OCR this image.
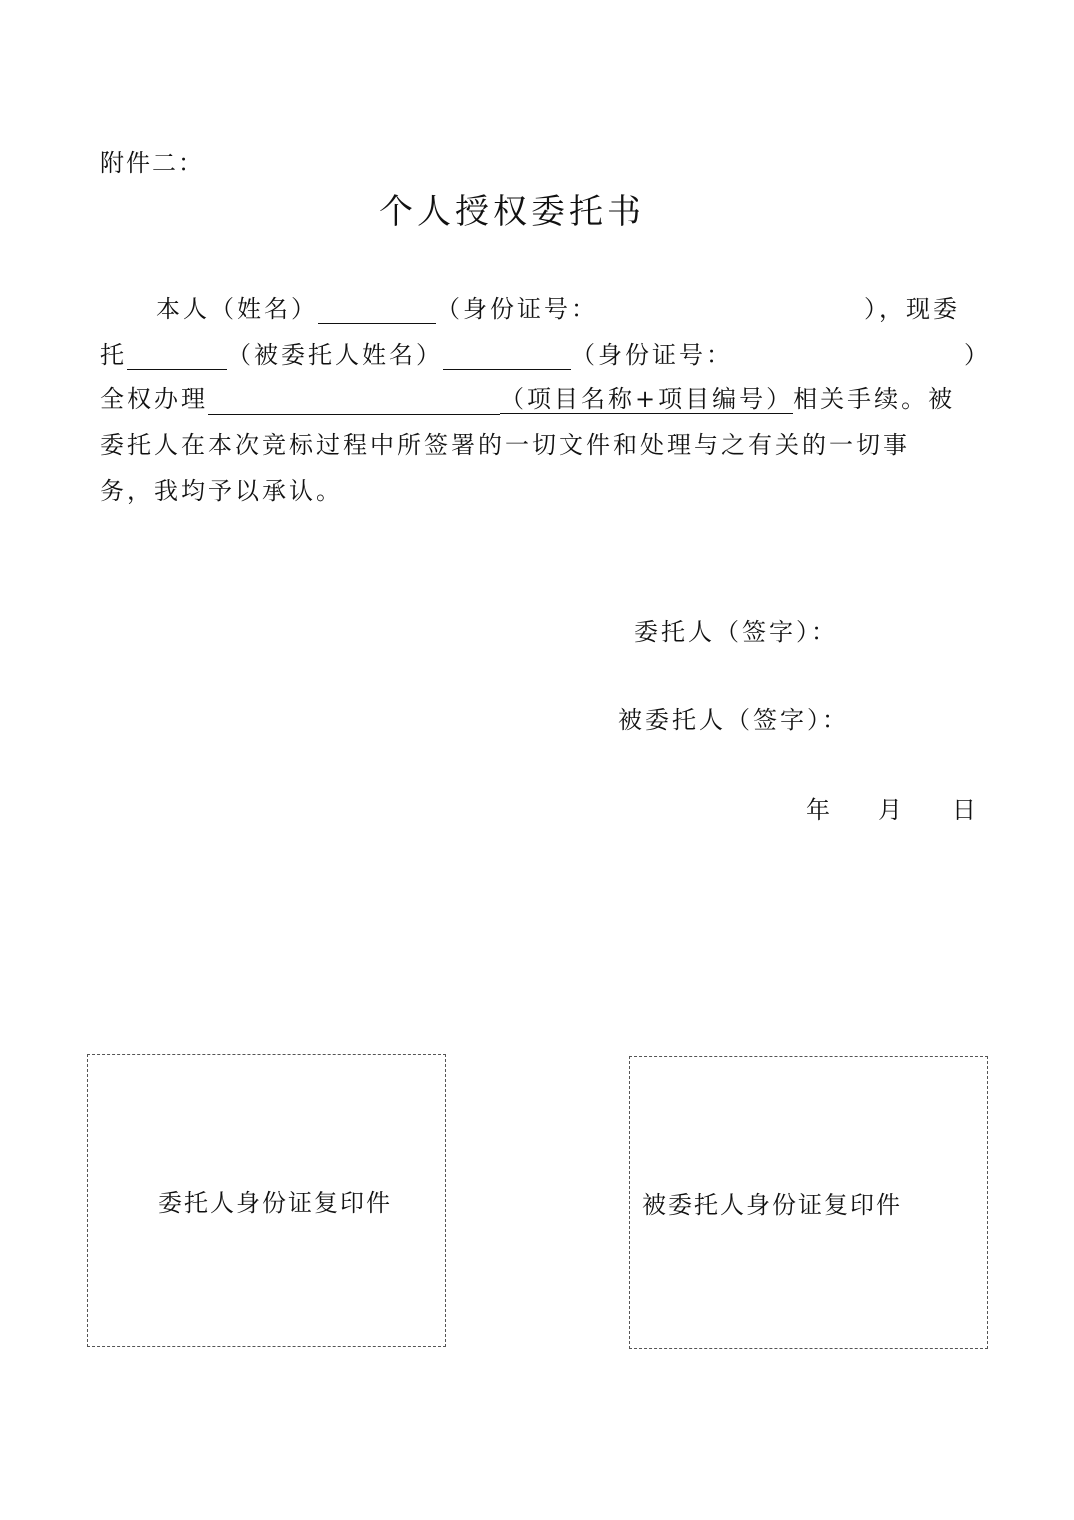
附件二：
个人授权委托书
本人（姓名）	（身份证号：	），现委
托	（被委托人姓名）	（身份证号：	）
全权办理	（项目名称+项目编号）相关手续。被
委托人在本次竞标过程中所签署的一切文件和处理与之有关的一切事
务，我均予以承认。
委托人（签字）：
被委托人（签字）：
年 月 日
委托人身份证复印件	被委托人身份证复印件
